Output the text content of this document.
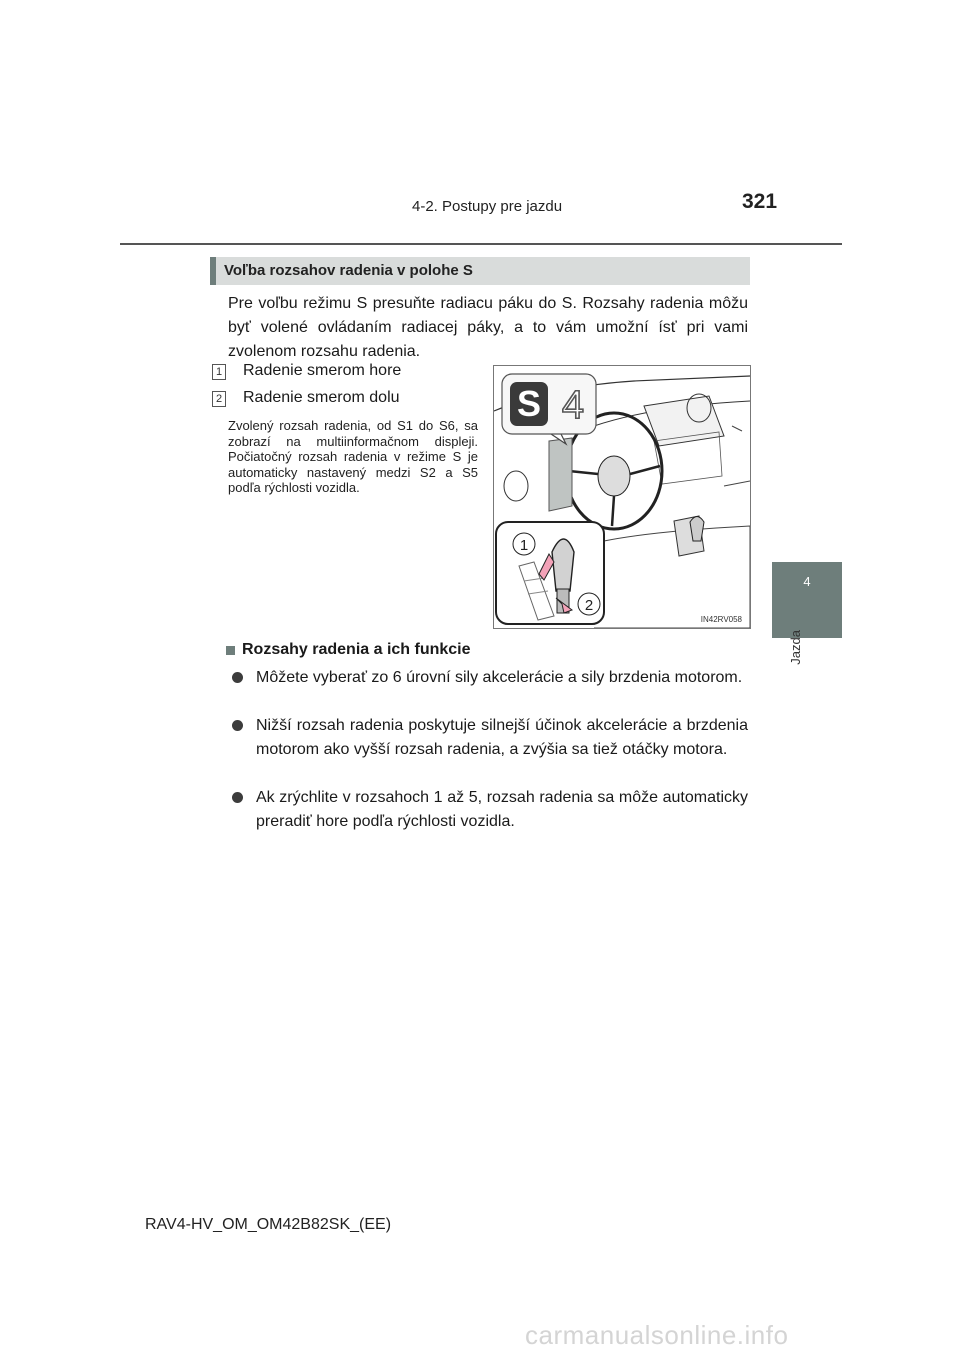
4-2. Postupy pre jazdu	321
4
Jazda
Voľba rozsahov radenia v polohe S
Pre voľbu režimu S presuňte radiacu páku do S. Rozsahy radenia môžu byť volené ovládaním radiacej páky, a to vám umožní ísť pri vami zvolenom rozsahu radenia.
1 Radenie smerom hore
2 Radenie smerom dolu
Zvolený rozsah radenia, od S1 do S6, sa zobrazí na multiinformačnom displeji. Počiatočný rozsah radenia v režime S je automaticky nastavený medzi S2 a S5 podľa rýchlosti vozidla.
S 4
1
2
IN42RV058
Rozsahy radenia a ich funkcie
Môžete vyberať zo 6 úrovní sily akcelerácie a sily brzdenia motorom.
Nižší rozsah radenia poskytuje silnejší účinok akcelerácie a brzdenia motorom ako vyšší rozsah radenia, a zvýšia sa tiež otáčky motora.
Ak zrýchlite v rozsahoch 1 až 5, rozsah radenia sa môže automaticky preradiť hore podľa rýchlosti vozidla.
RAV4-HV_OM_OM42B82SK_(EE)
carmanualsonline.info
